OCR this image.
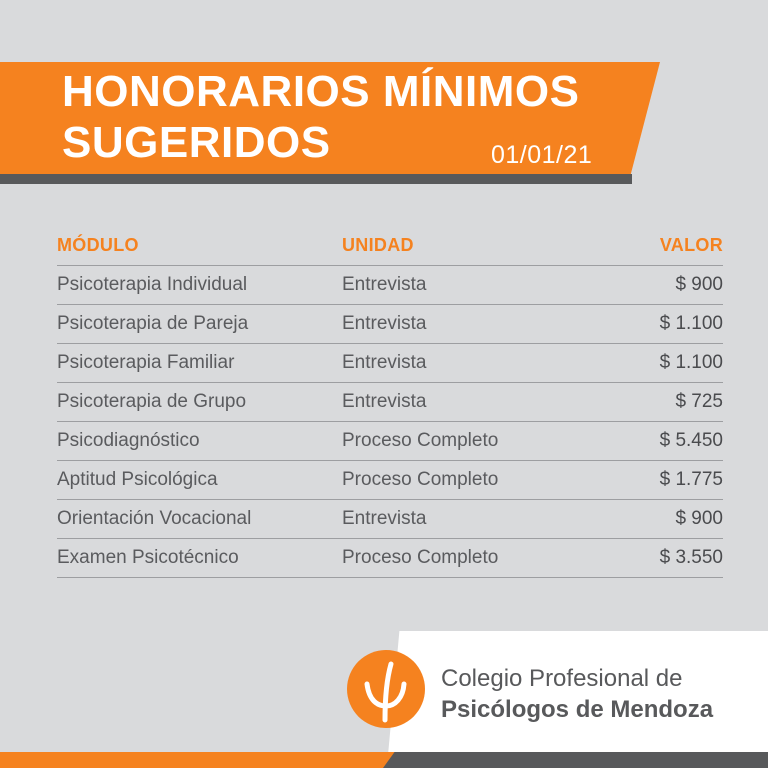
HONORARIOS MÍNIMOS
SUGERIDOS	01/01/21
MÓDULO	UNIDAD	VALOR
Psicoterapia Individual	Entrevista	$ 900
Psicoterapia de Pareja	Entrevista	$ 1.100
Psicoterapia Familiar	Entrevista	$ 1.100
Psicoterapia de Grupo	Entrevista	$ 725
Psicodiagnóstico	Proceso Completo	$ 5.450
Aptitud Psicológica	Proceso Completo	$ 1.775
Orientación Vocacional	Entrevista	$ 900
Examen Psicotécnico	Proceso Completo	$ 3.550
Colegio Profesional de
Psicólogos de Mendoza
